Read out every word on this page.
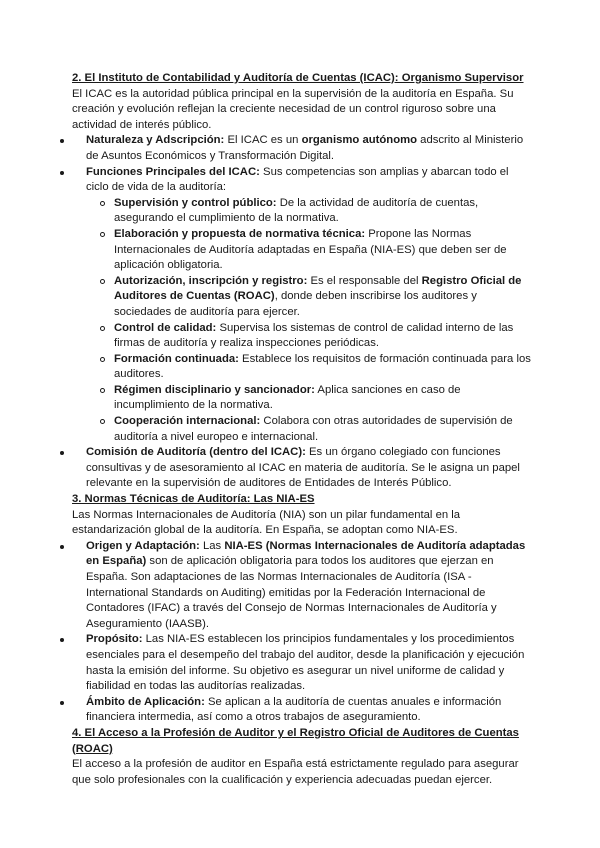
2. El Instituto de Contabilidad y Auditoría de Cuentas (ICAC): Organismo Supervisor

El ICAC es la autoridad pública principal en la supervisión de la auditoría en España. Su creación y evolución reflejan la creciente necesidad de un control riguroso sobre una actividad de interés público.

Naturaleza y Adscripción: El ICAC es un organismo autónomo adscrito al Ministerio de Asuntos Económicos y Transformación Digital.
Funciones Principales del ICAC: Sus competencias son amplias y abarcan todo el ciclo de vida de la auditoría:
Supervisión y control público: De la actividad de auditoría de cuentas, asegurando el cumplimiento de la normativa.
Elaboración y propuesta de normativa técnica: Propone las Normas Internacionales de Auditoría adaptadas en España (NIA-ES) que deben ser de aplicación obligatoria.
Autorización, inscripción y registro: Es el responsable del Registro Oficial de Auditores de Cuentas (ROAC), donde deben inscribirse los auditores y sociedades de auditoría para ejercer.
Control de calidad: Supervisa los sistemas de control de calidad interno de las firmas de auditoría y realiza inspecciones periódicas.
Formación continuada: Establece los requisitos de formación continuada para los auditores.
Régimen disciplinario y sancionador: Aplica sanciones en caso de incumplimiento de la normativa.
Cooperación internacional: Colabora con otras autoridades de supervisión de auditoría a nivel europeo e internacional.
Comisión de Auditoría (dentro del ICAC): Es un órgano colegiado con funciones consultivas y de asesoramiento al ICAC en materia de auditoría. Se le asigna un papel relevante en la supervisión de auditores de Entidades de Interés Público.
3. Normas Técnicas de Auditoría: Las NIA-ES

Las Normas Internacionales de Auditoría (NIA) son un pilar fundamental en la estandarización global de la auditoría. En España, se adoptan como NIA-ES.

Origen y Adaptación: Las NIA-ES (Normas Internacionales de Auditoría adaptadas en España) son de aplicación obligatoria para todos los auditores que ejerzan en España. Son adaptaciones de las Normas Internacionales de Auditoría (ISA - International Standards on Auditing) emitidas por la Federación Internacional de Contadores (IFAC) a través del Consejo de Normas Internacionales de Auditoría y Aseguramiento (IAASB).
Propósito: Las NIA-ES establecen los principios fundamentales y los procedimientos esenciales para el desempeño del trabajo del auditor, desde la planificación y ejecución hasta la emisión del informe. Su objetivo es asegurar un nivel uniforme de calidad y fiabilidad en todas las auditorías realizadas.
Ámbito de Aplicación: Se aplican a la auditoría de cuentas anuales e información financiera intermedia, así como a otros trabajos de aseguramiento.
4. El Acceso a la Profesión de Auditor y el Registro Oficial de Auditores de Cuentas (ROAC)

El acceso a la profesión de auditor en España está estrictamente regulado para asegurar que solo profesionales con la cualificación y experiencia adecuadas puedan ejercer.
